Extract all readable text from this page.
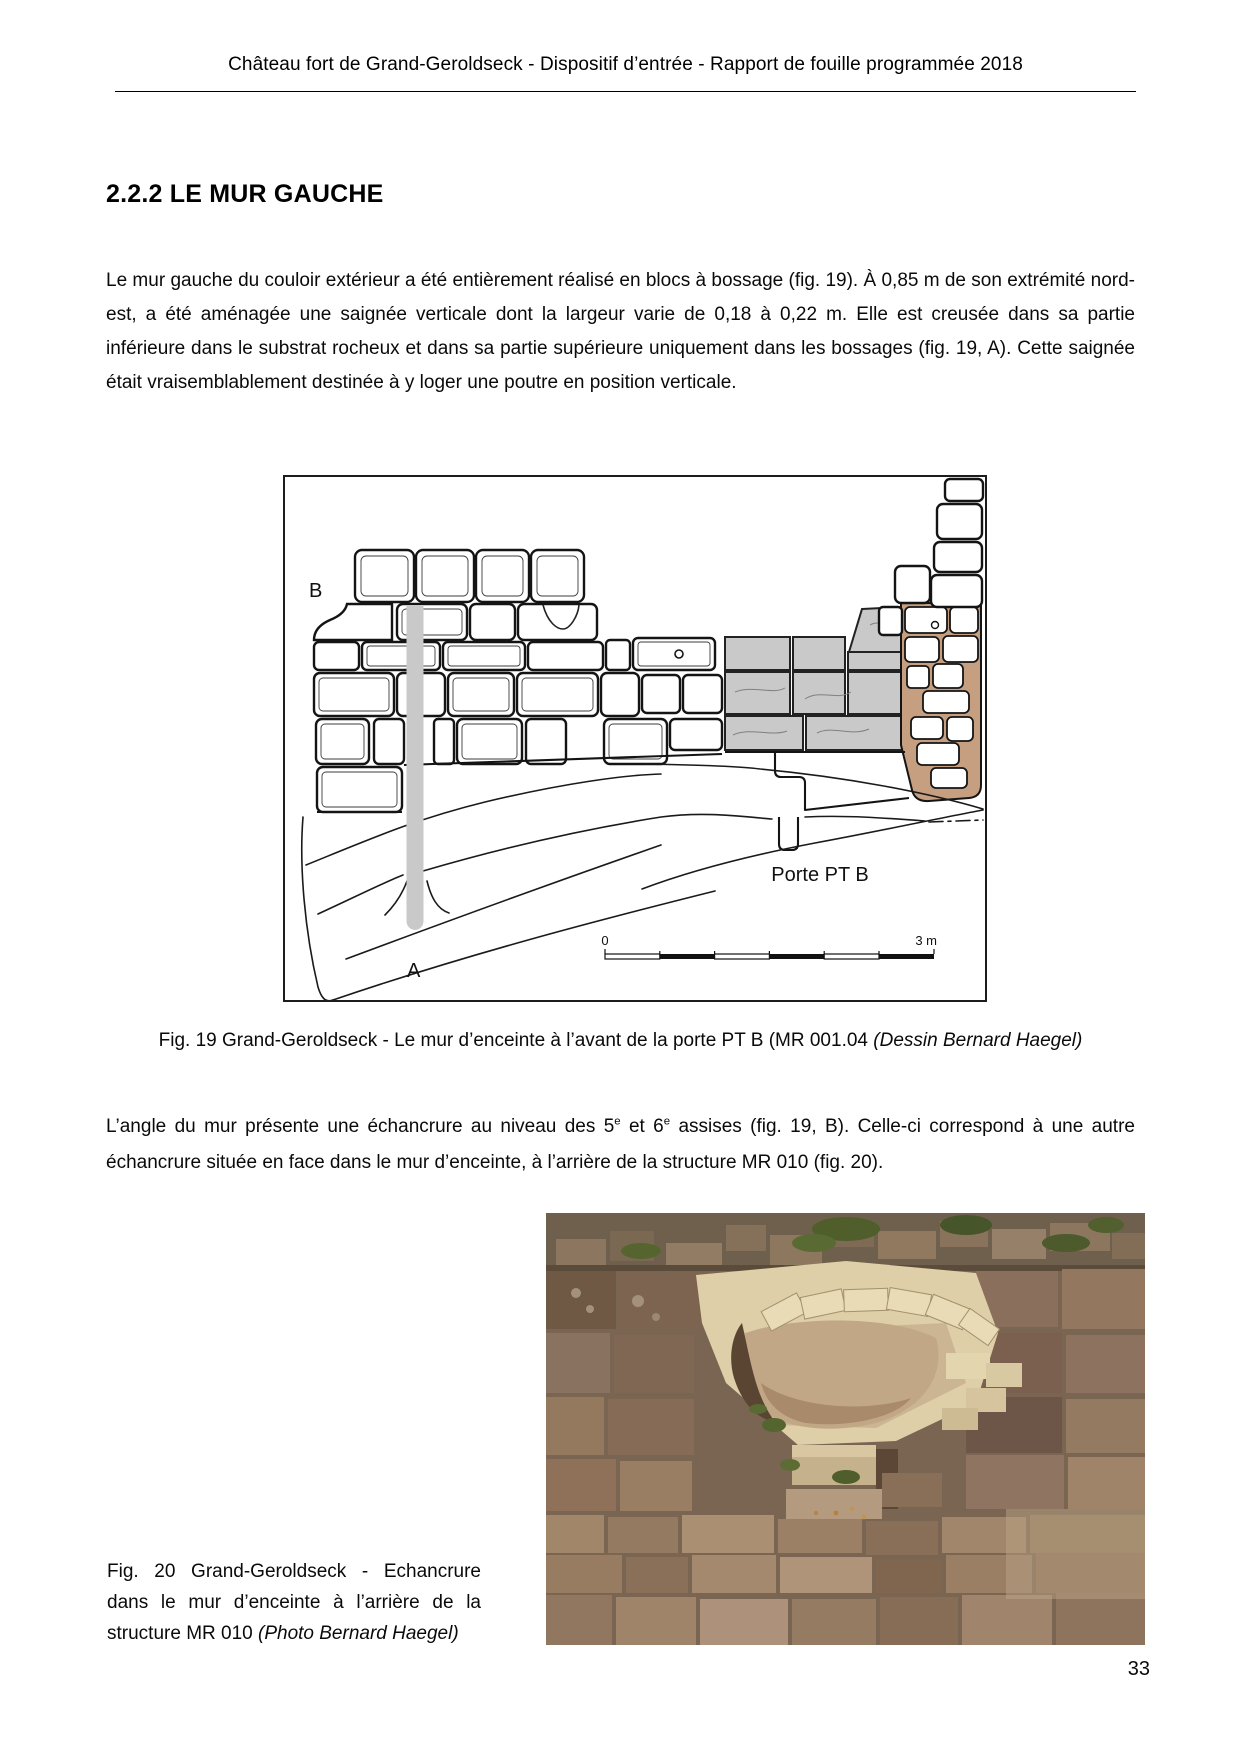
Château fort de Grand-Geroldseck - Dispositif d’entrée - Rapport de fouille programmée 2018
2.2.2 LE MUR GAUCHE

Le mur gauche du couloir extérieur a été entièrement réalisé en blocs à bossage (fig. 19). À 0,85 m de son extrémité nord-est, a été aménagée une saignée verticale dont la largeur varie de 0,18 à 0,22 m. Elle est creusée dans sa partie inférieure dans le substrat rocheux et dans sa partie supérieure uniquement dans les bossages (fig. 19, A). Cette saignée était vraisemblablement destinée à y loger une poutre en position verticale.

B
A
Porte PT B
0	3 m
Fig. 19 Grand-Geroldseck - Le mur d’enceinte à l’avant de la porte PT B (MR 001.04 (Dessin Bernard Haegel)

L’angle du mur présente une échancrure au niveau des 5e et 6e assises (fig. 19, B). Celle-ci correspond à une autre échancrure située en face dans le mur d’enceinte, à l’arrière de la structure MR 010 (fig. 20).

Fig. 20 Grand-Geroldseck - Echancrure dans le mur d’enceinte à l’arrière de la structure MR 010 (Photo Bernard Haegel)
33
